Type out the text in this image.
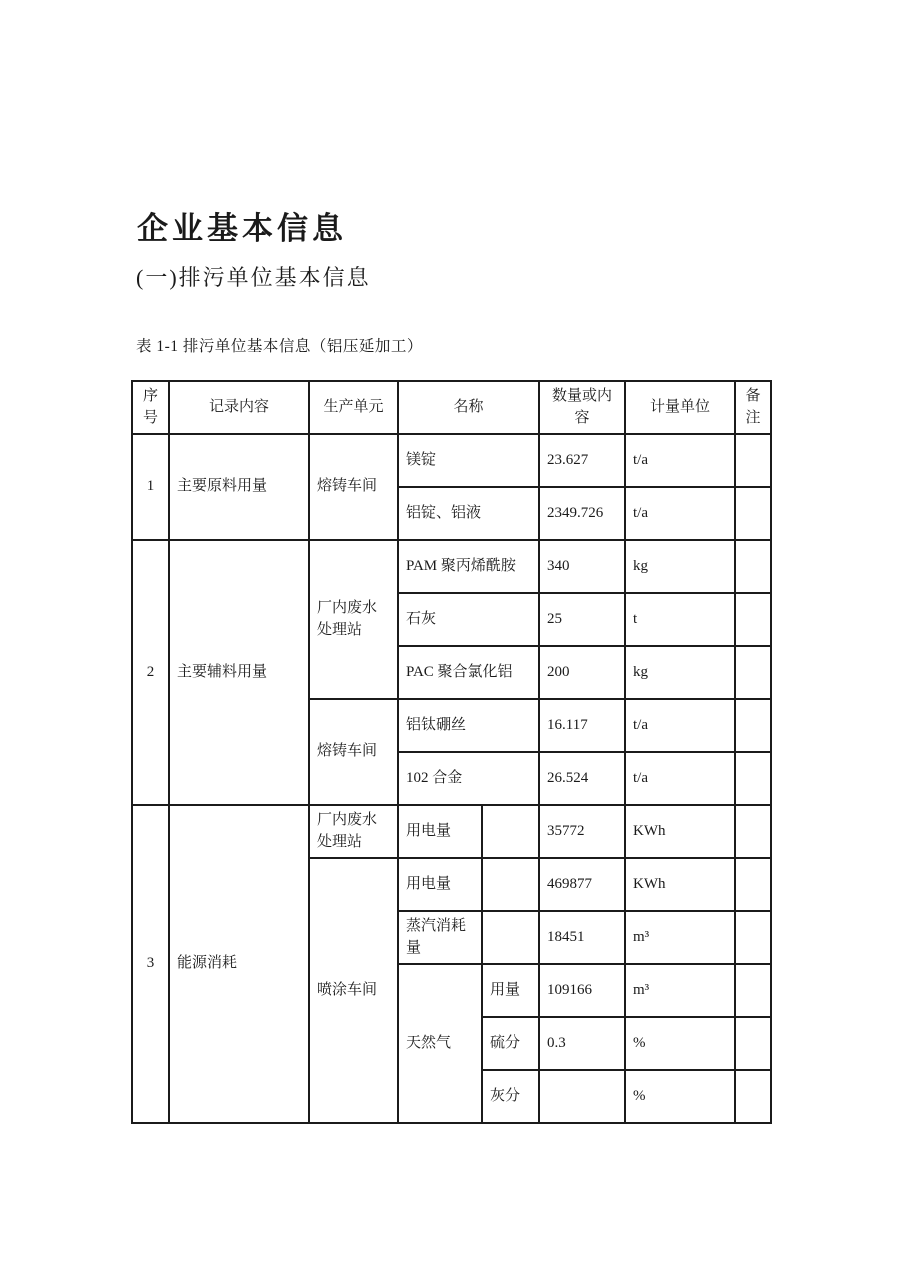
企业基本信息
(一)排污单位基本信息
表 1-1 排污单位基本信息（铝压延加工）
序号	记录内容	生产单元	名称		数量或内容	计量单位	备注
1	主要原料用量	熔铸车间	镁锭		23.627	t/a	
			铝锭、铝液		2349.726	t/a	
2	主要辅料用量	厂内废水处理站	PAM 聚丙烯酰胺		340	kg	
			石灰		25	t	
			PAC 聚合氯化铝		200	kg	
		熔铸车间	铝钛硼丝		16.117	t/a	
			102 合金		26.524	t/a	
3	能源消耗	厂内废水处理站	用电量		35772	KWh	
		喷涂车间	用电量		469877	KWh	
			蒸汽消耗量		18451	m³	
			天然气	用量	109166	m³	
				硫分	0.3	%	
				灰分		%	
